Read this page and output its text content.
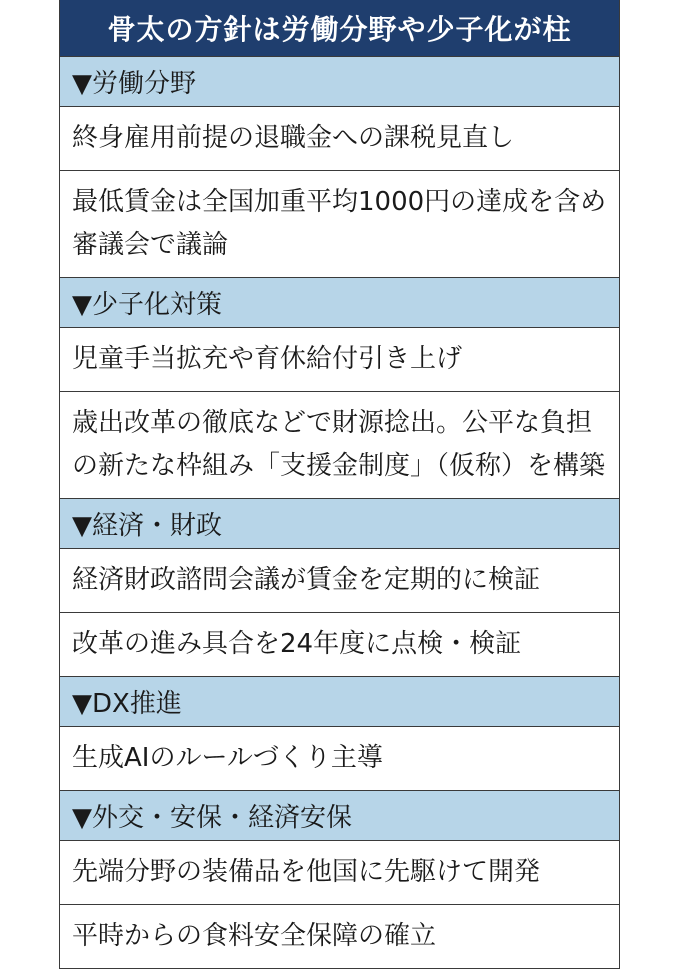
骨太の方針は労働分野や少子化が柱
▼労働分野
終身雇用前提の退職金への課税見直し
最低賃金は全国加重平均1000円の達成を含め審議会で議論
▼少子化対策
児童手当拡充や育休給付引き上げ
歳出改革の徹底などで財源捻出。公平な負担の新たな枠組み「支援金制度」（仮称）を構築
▼経済・財政
経済財政諮問会議が賃金を定期的に検証
改革の進み具合を24年度に点検・検証
▼DX推進
生成AIのルールづくり主導
▼外交・安保・経済安保
先端分野の装備品を他国に先駆けて開発
平時からの食料安全保障の確立
